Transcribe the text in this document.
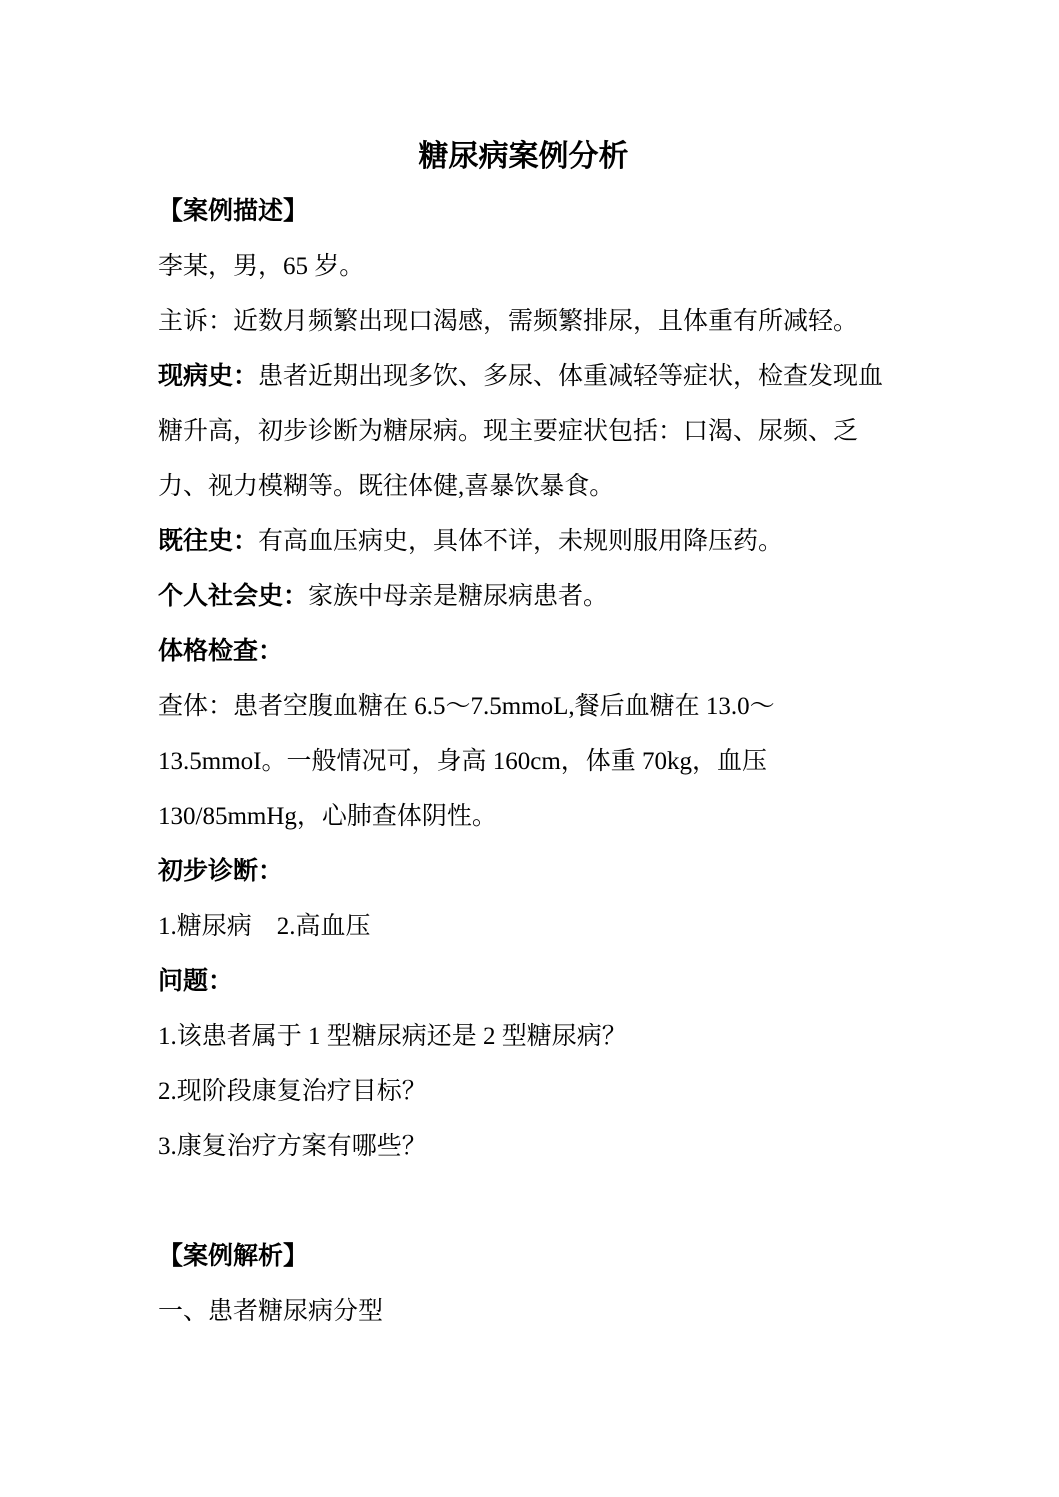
糖尿病案例分析
【案例描述】
李某，男，65 岁。
主诉：近数月频繁出现口渴感，需频繁排尿，且体重有所减轻。
现病史：患者近期出现多饮、多尿、体重减轻等症状，检查发现血
糖升高，初步诊断为糖尿病。现主要症状包括：口渴、尿频、乏
力、视力模糊等。既往体健,喜暴饮暴食。
既往史：有高血压病史，具体不详，未规则服用降压药。
个人社会史：家族中母亲是糖尿病患者。
体格检查：
查体：患者空腹血糖在 6.5～7.5mmoL,餐后血糖在 13.0～
13.5mmoI。一般情况可，身高 160cm，体重 70kg，血压
130/85mmHg，心肺查体阴性。
初步诊断：
1.糖尿病　2.高血压
问题：
1.该患者属于 1 型糖尿病还是 2 型糖尿病？
2.现阶段康复治疗目标？
3.康复治疗方案有哪些？
【案例解析】
一、患者糖尿病分型
